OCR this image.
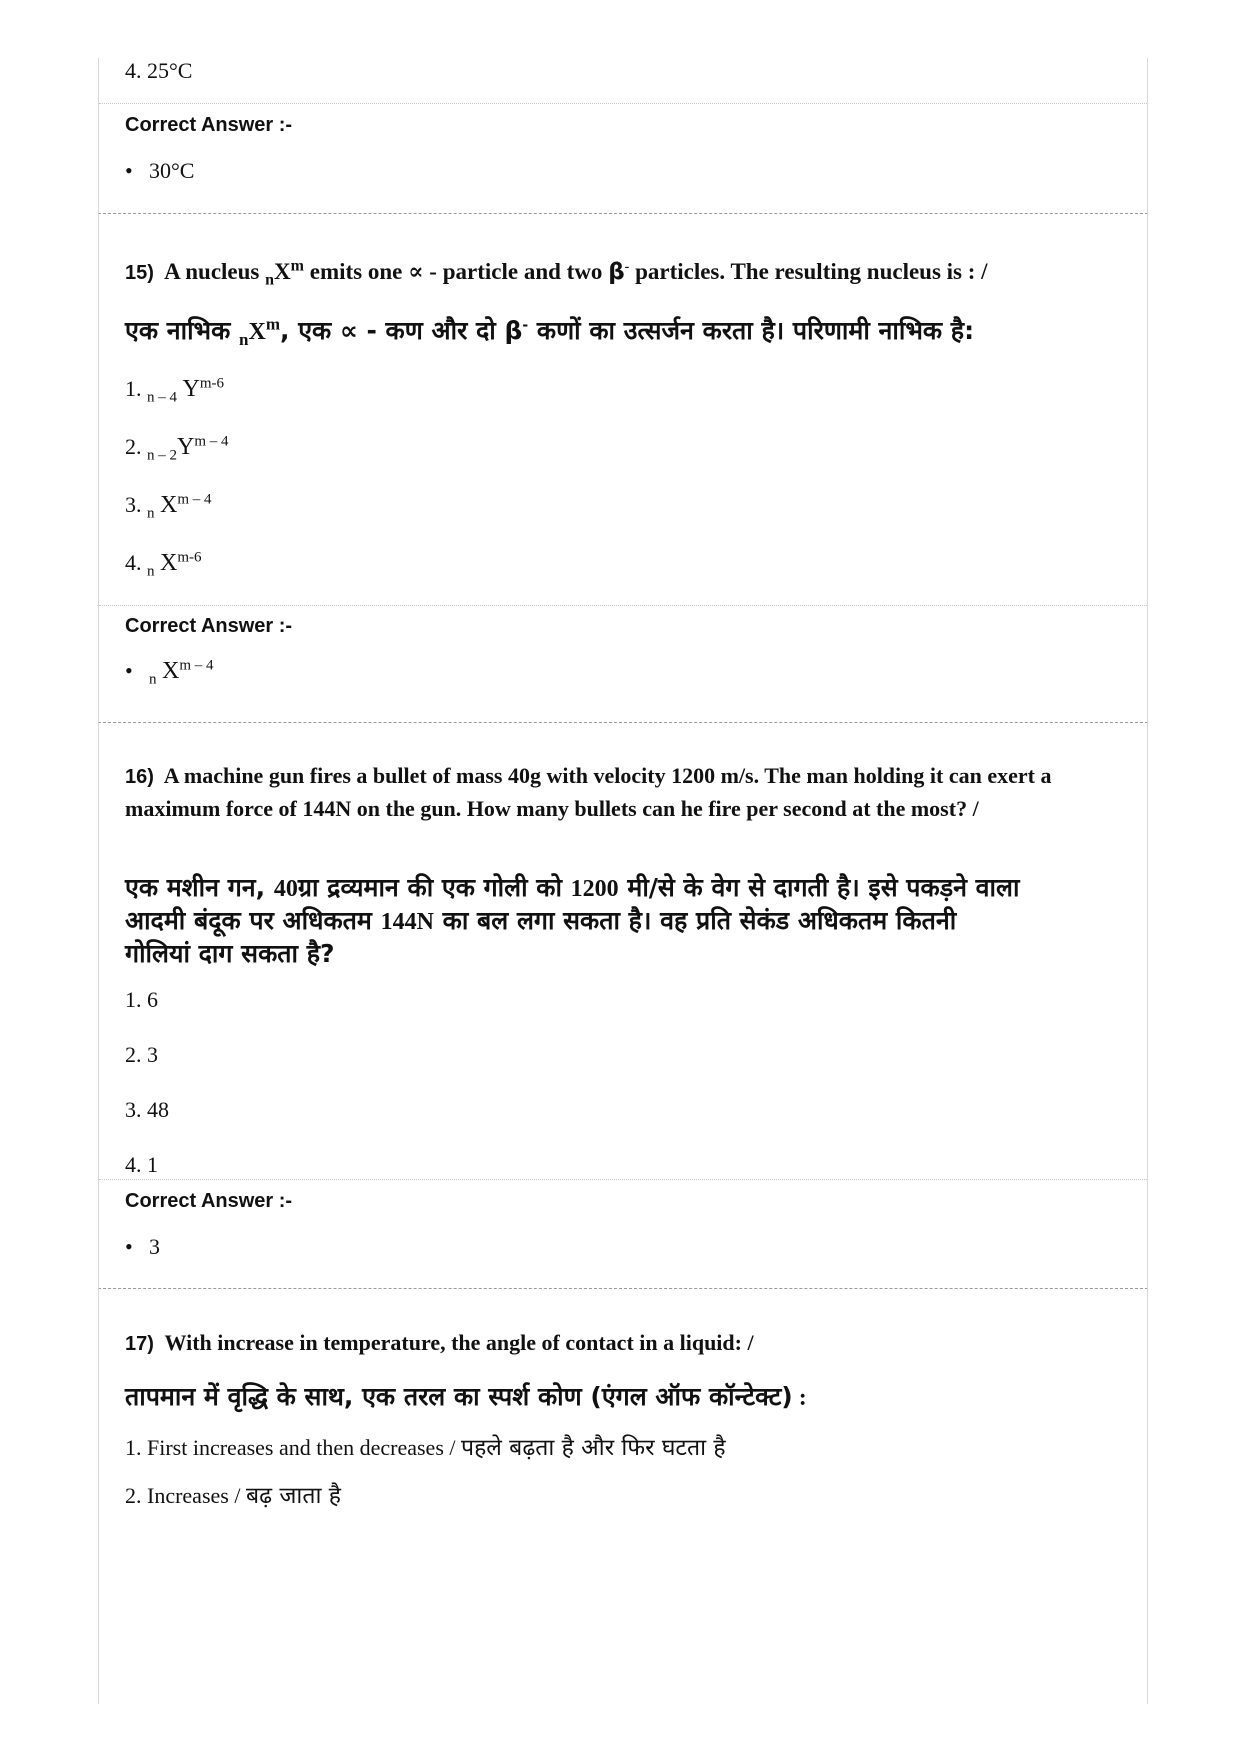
4. 25°C
Correct Answer :-
• 30°C
15) A nucleus $_nX^m$ emits one ∝ - particle and two β- particles. The resulting nucleus is : /
एक नाभिक $_nX^m$, एक ∝ - कण और दो β- कणों का उत्सर्जन करता है। परिणामी नाभिक है:
1. $_{n - 4}$ $Y^{m-6}$
2. $_{n - 2}Y^{m - 4}$
3. $_n$ $X^{m - 4}$
4. $_n$ $X^{m-6}$
Correct Answer :-
• $_n$ $X^{m - 4}$
16) A machine gun fires a bullet of mass 40g with velocity 1200 m/s. The man holding it can exert a maximum force of 144N on the gun. How many bullets can he fire per second at the most? /
एक मशीन गन, 40ग्रा द्रव्यमान की एक गोली को 1200 मी/से के वेग से दागती है। इसे पकड़ने वाला
आदमी बंदूक पर अधिकतम 144N का बल लगा सकता है। वह प्रति सेकंड अधिकतम कितनी
गोलियां दाग सकता है?
1. 6
2. 3
3. 48
4. 1
Correct Answer :-
• 3
17) With increase in temperature, the angle of contact in a liquid: /
तापमान में वृद्धि के साथ, एक तरल का स्पर्श कोण (एंगल ऑफ कॉन्टेक्ट) :
1. First increases and then decreases / पहले बढ़ता है और फिर घटता है
2. Increases / बढ़ जाता है
